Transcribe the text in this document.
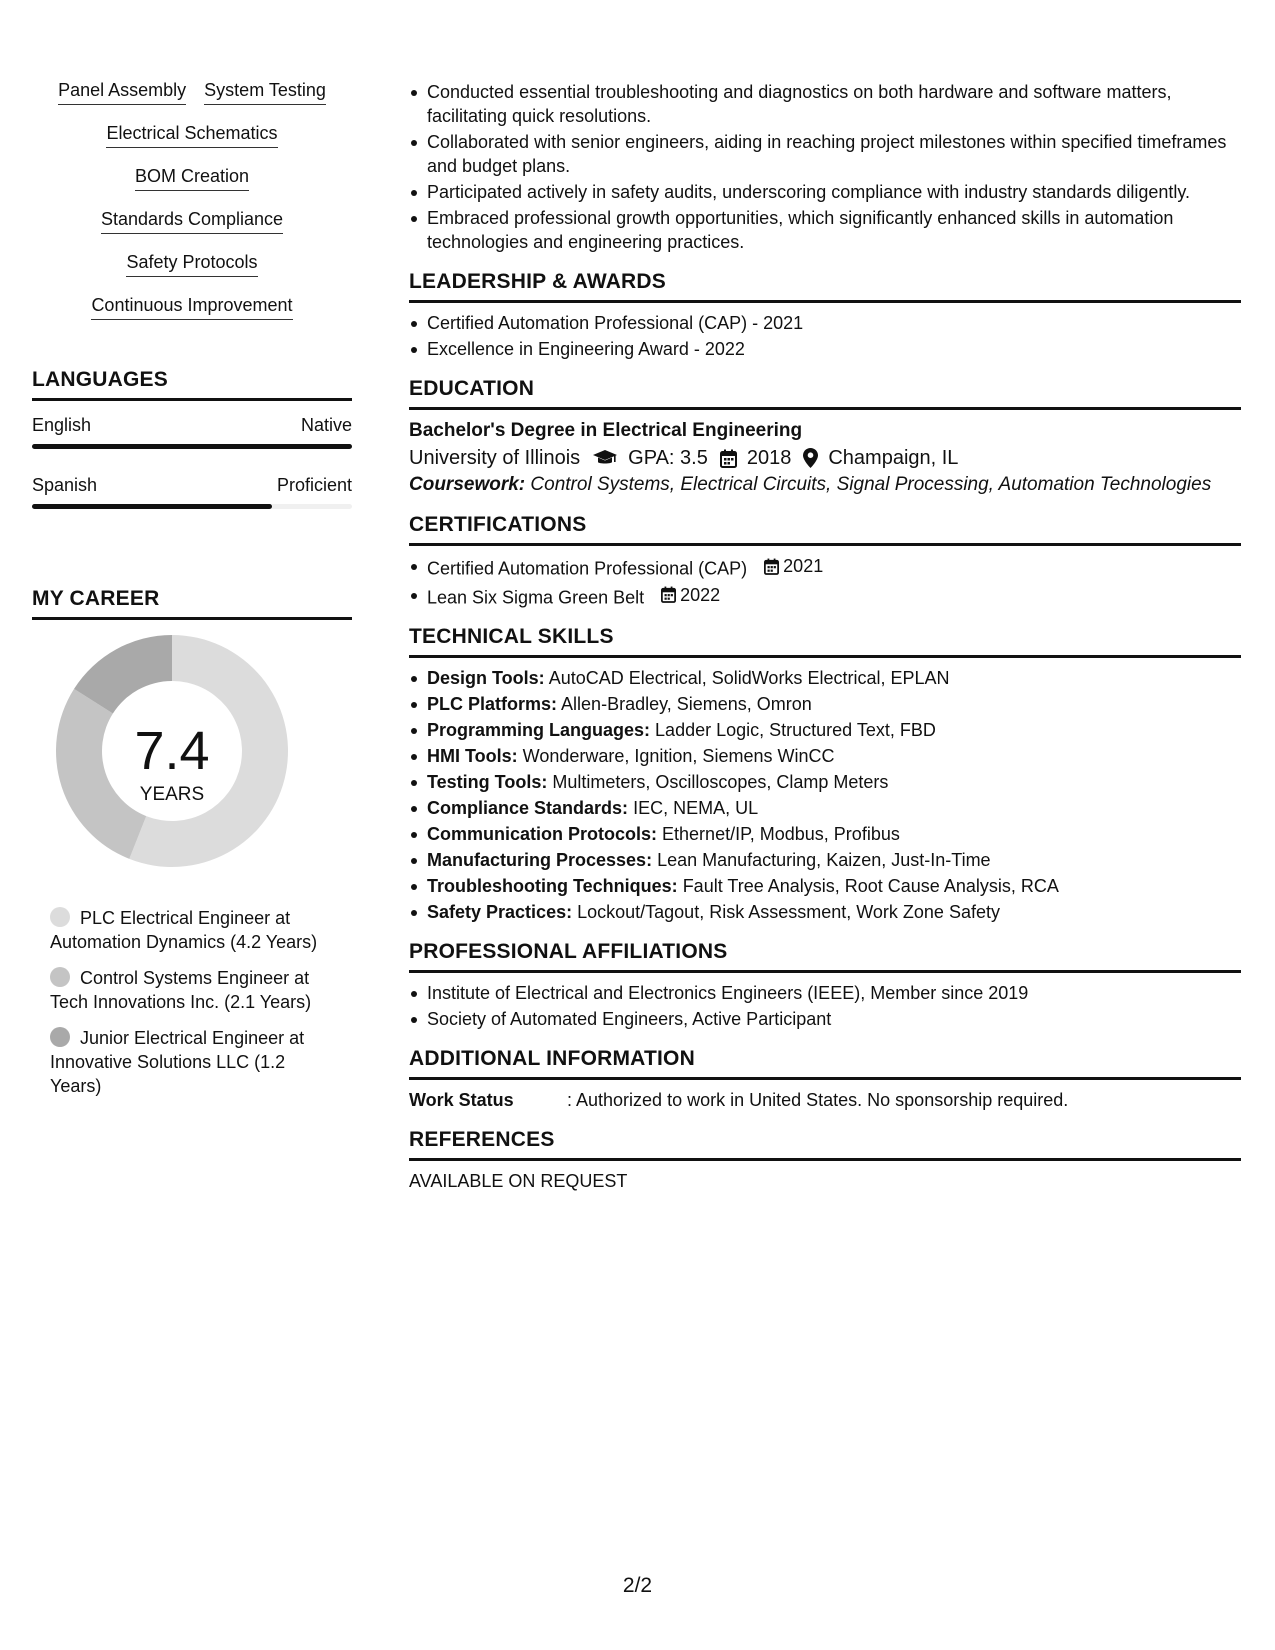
Panel Assembly System Testing
Electrical Schematics
BOM Creation
Standards Compliance
Safety Protocols
Continuous Improvement
LANGUAGES
English	Native
Spanish	Proficient
MY CAREER
7.4
YEARS
PLC Electrical Engineer at Automation Dynamics (4.2 Years)
Control Systems Engineer at Tech Innovations Inc. (2.1 Years)
Junior Electrical Engineer at Innovative Solutions LLC (1.2 Years)
Conducted essential troubleshooting and diagnostics on both hardware and software matters, facilitating quick resolutions.
Collaborated with senior engineers, aiding in reaching project milestones within specified timeframes and budget plans.
Participated actively in safety audits, underscoring compliance with industry standards diligently.
Embraced professional growth opportunities, which significantly enhanced skills in automation technologies and engineering practices.
LEADERSHIP & AWARDS
Certified Automation Professional (CAP) - 2021
Excellence in Engineering Award - 2022
EDUCATION
Bachelor's Degree in Electrical Engineering
University of Illinois GPA: 3.5 2018 Champaign, IL
Coursework: Control Systems, Electrical Circuits, Signal Processing, Automation Technologies
CERTIFICATIONS
Certified Automation Professional (CAP) 2021
Lean Six Sigma Green Belt 2022
TECHNICAL SKILLS
Design Tools: AutoCAD Electrical, SolidWorks Electrical, EPLAN
PLC Platforms: Allen-Bradley, Siemens, Omron
Programming Languages: Ladder Logic, Structured Text, FBD
HMI Tools: Wonderware, Ignition, Siemens WinCC
Testing Tools: Multimeters, Oscilloscopes, Clamp Meters
Compliance Standards: IEC, NEMA, UL
Communication Protocols: Ethernet/IP, Modbus, Profibus
Manufacturing Processes: Lean Manufacturing, Kaizen, Just-In-Time
Troubleshooting Techniques: Fault Tree Analysis, Root Cause Analysis, RCA
Safety Practices: Lockout/Tagout, Risk Assessment, Work Zone Safety
PROFESSIONAL AFFILIATIONS
Institute of Electrical and Electronics Engineers (IEEE), Member since 2019
Society of Automated Engineers, Active Participant
ADDITIONAL INFORMATION
Work Status	: Authorized to work in United States. No sponsorship required.
REFERENCES
AVAILABLE ON REQUEST
2/2
